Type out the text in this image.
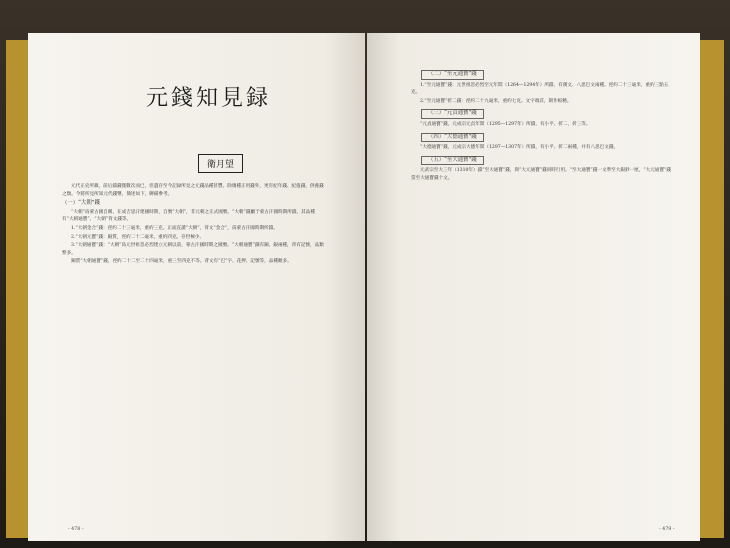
元錢知見録
衛月望

元代正史所載，前后鑄錢僅數次而已，但遺存至今記録所見之元錢品種甚豐。除幾種正用錢外，更有紀年錢、紀值錢、供養錢之類。今將所見所知元代錢幣，簡述如下，聊備參考。

（一）“大朝”錢

“大朝”爲蒙古國自稱，在成吉思汗建國時期，自號“大朝”，非元朝之正式國號。“大朝”錢屬于蒙古汗國時期所鑄，其品種有“大朝通寶”、“大朝”背文錢等。

1.“大朝金合”錢：徑約二十三毫米，重約三克。正面直讀“大朝”，背文“金合”，爲蒙古汗國時期所鑄。

2.“大朝元寶”錢：銀質，徑約二十二毫米，重約四克。存世極少。

3.“大朝通寶”錢：“大朝”爲元世祖忽必烈建立元朝以前，蒙古汗國時期之國號。“大朝通寶”錢有銅、銀兩種，背有記號，品類繁多。

銅質“大朝通寶”錢，徑約二十二至二十四毫米，重三至四克不等。背文有“巴”字、花押、記號等，品種頗多。

- 478 -
（二）“至元通寶”錢

1.“至元通寶”錢：元世祖忽必烈至元年間（1264—1294年）所鑄，有漢文、八思巴文兩種。徑約二十三毫米，重約三點五克。

2.“至元通寶”折二錢：徑約二十九毫米，重約七克。文字端莊，制作較精。

（三）“元貞通寶”錢

“元貞通寶”錢，元成宗元貞年間（1295—1297年）所鑄，有小平、折二、折三等。

（四）“大德通寶”錢

“大德通寶”錢，元成宗大德年間（1297—1307年）所鑄，有小平、折二兩種，并有八思巴文錢。

（五）“至大通寶”錢

元武宗至大三年（1310年）鑄“至大通寶”錢，與“大元通寶”錢同時行用。“至大通寶”錢一文準至大銀鈔一厘，“大元通寶”錢當至大通寶錢十文。

- 479 -
